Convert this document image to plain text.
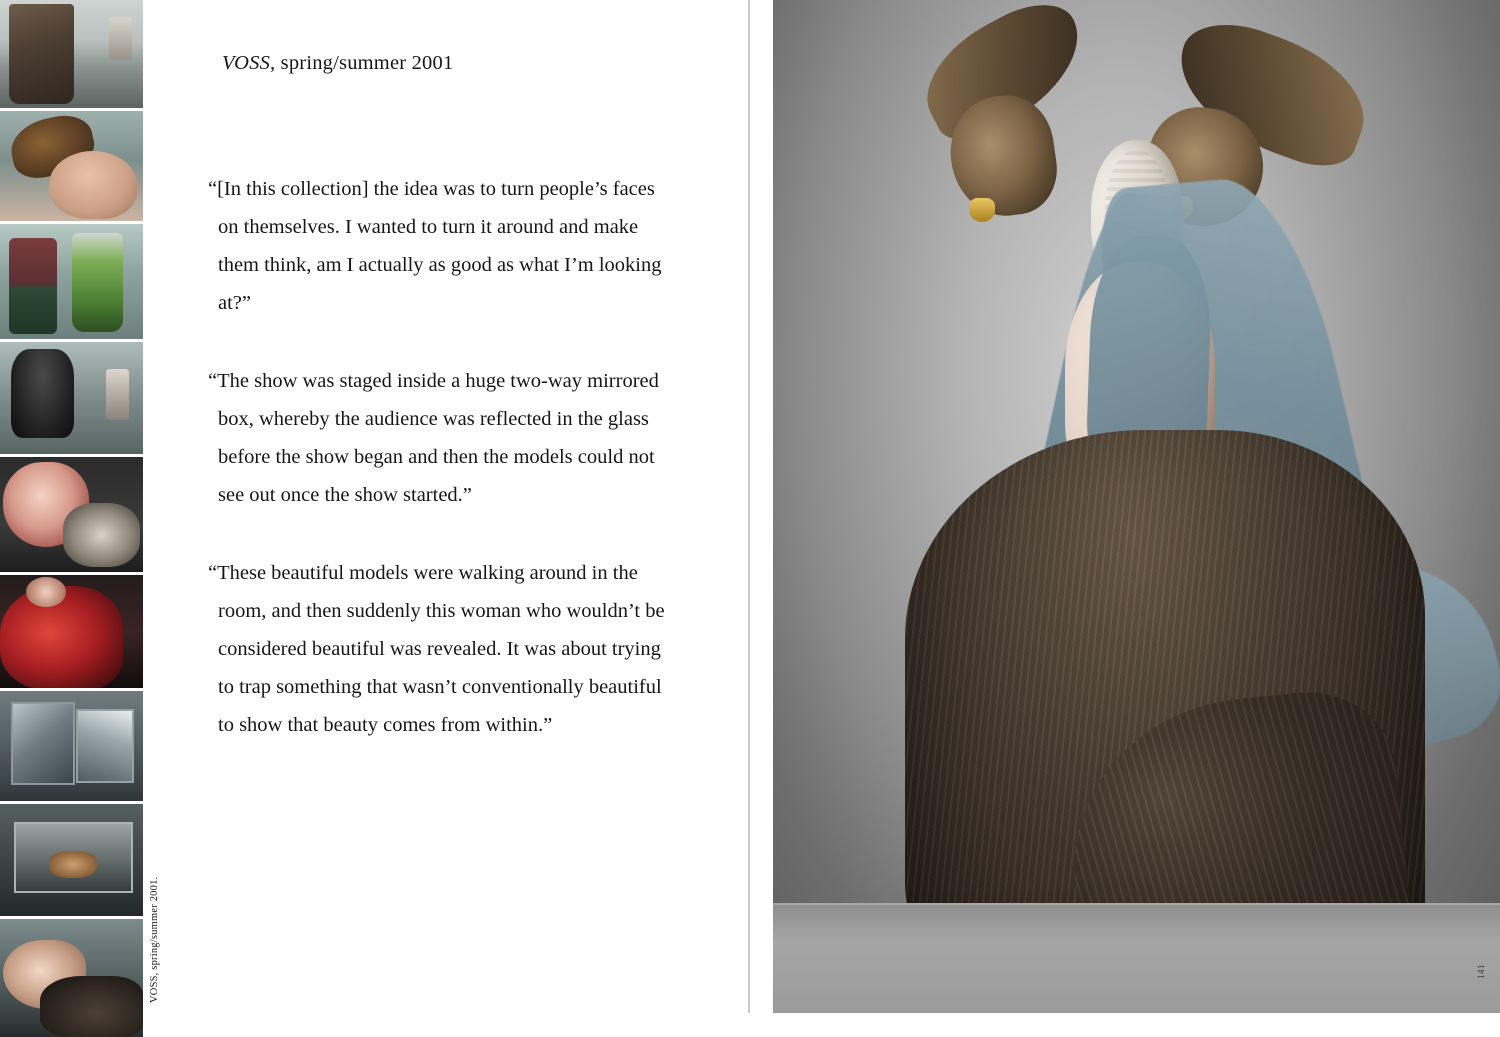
VOSS, spring/summer 2001.
VOSS, spring/summer 2001

“[In this collection] the idea was to turn people’s faces on themselves. I wanted to turn it around and make them think, am I actually as good as what I’m looking at?”

“The show was staged inside a huge two-way mirrored box, whereby the audience was reflected in the glass before the show began and then the models could not see out once the show started.”

“These beautiful models were walking around in the room, and then suddenly this woman who wouldn’t be considered beautiful was revealed. It was about trying to trap something that wasn’t conventionally beautiful to show that beauty comes from within.”

141
